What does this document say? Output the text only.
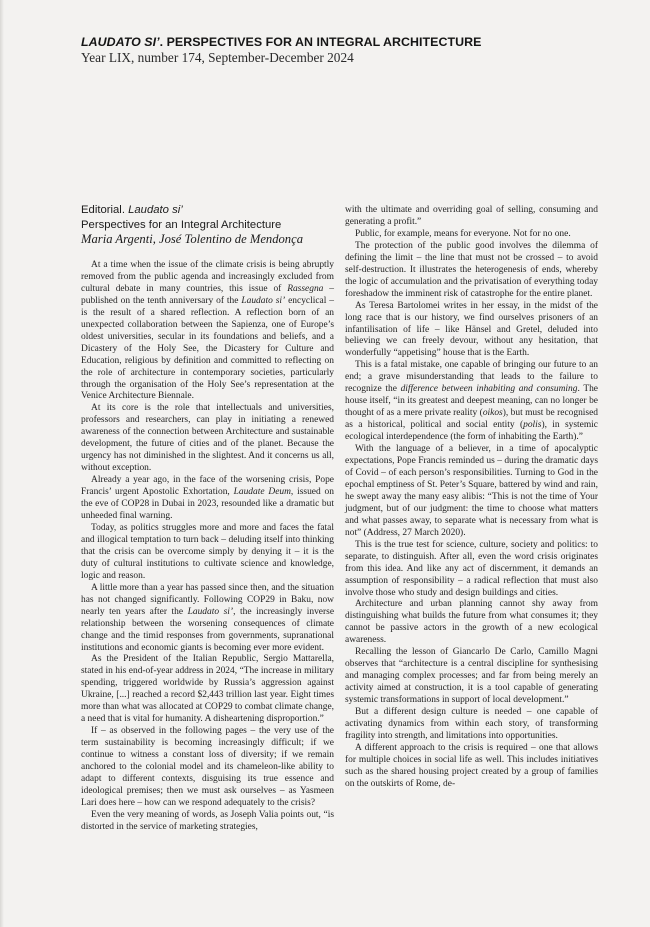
LAUDATO SI’. PERSPECTIVES FOR AN INTEGRAL ARCHITECTURE
Year LIX, number 174, September-December 2024
Editorial. Laudato si’
Perspectives for an Integral Architecture
Maria Argenti, José Tolentino de Mendonça

At a time when the issue of the climate crisis is being abruptly removed from the public agenda and increasingly excluded from cultural debate in many countries, this issue of Rassegna – published on the tenth anniversary of the Laudato si’ encyclical – is the result of a shared reflection. A reflection born of an unexpected collaboration between the Sapienza, one of Europe’s oldest universities, secular in its foundations and beliefs, and a Dicastery of the Holy See, the Dicastery for Culture and Education, religious by definition and committed to reflecting on the role of architecture in contemporary societies, particularly through the organisation of the Holy See’s representation at the Venice Architecture Biennale.

At its core is the role that intellectuals and universities, professors and researchers, can play in initiating a renewed awareness of the connection between Architecture and sustainable development, the future of cities and of the planet. Because the urgency has not diminished in the slightest. And it concerns us all, without exception.

Already a year ago, in the face of the worsening crisis, Pope Francis’ urgent Apostolic Exhortation, Laudate Deum, issued on the eve of COP28 in Dubai in 2023, resounded like a dramatic but unheeded final warning.

Today, as politics struggles more and more and faces the fatal and illogical temptation to turn back – deluding itself into thinking that the crisis can be overcome simply by denying it – it is the duty of cultural institutions to cultivate science and knowledge, logic and reason.

A little more than a year has passed since then, and the situation has not changed significantly. Following COP29 in Baku, now nearly ten years after the Laudato si’, the increasingly inverse relationship between the worsening consequences of climate change and the timid responses from governments, supranational institutions and economic giants is becoming ever more evident.

As the President of the Italian Republic, Sergio Mattarella, stated in his end-of-year address in 2024, “The increase in military spending, triggered worldwide by Russia’s aggression against Ukraine, [...] reached a record $2,443 trillion last year. Eight times more than what was allocated at COP29 to combat climate change, a need that is vital for humanity. A disheartening disproportion.”

If – as observed in the following pages – the very use of the term sustainability is becoming increasingly difficult; if we continue to witness a constant loss of diversity; if we remain anchored to the colonial model and its chameleon-like ability to adapt to different contexts, disguising its true essence and ideological premises; then we must ask ourselves – as Yasmeen Lari does here – how can we respond adequately to the crisis?

Even the very meaning of words, as Joseph Valia points out, “is distorted in the service of marketing strategies,

with the ultimate and overriding goal of selling, consuming and generating a profit.”

Public, for example, means for everyone. Not for no one.

The protection of the public good involves the dilemma of defining the limit – the line that must not be crossed – to avoid self-destruction. It illustrates the heterogenesis of ends, whereby the logic of accumulation and the privatisation of everything today foreshadow the imminent risk of catastrophe for the entire planet.

As Teresa Bartolomei writes in her essay, in the midst of the long race that is our history, we find ourselves prisoners of an infantilisation of life – like Hänsel and Gretel, deluded into believing we can freely devour, without any hesitation, that wonderfully “appetising” house that is the Earth.

This is a fatal mistake, one capable of bringing our future to an end; a grave misunderstanding that leads to the failure to recognize the difference between inhabiting and consuming. The house itself, “in its greatest and deepest meaning, can no longer be thought of as a mere private reality (oikos), but must be recognised as a historical, political and social entity (polis), in systemic ecological interdependence (the form of inhabiting the Earth).”

With the language of a believer, in a time of apocalyptic expectations, Pope Francis reminded us – during the dramatic days of Covid – of each person’s responsibilities. Turning to God in the epochal emptiness of St. Peter’s Square, battered by wind and rain, he swept away the many easy alibis: “This is not the time of Your judgment, but of our judgment: the time to choose what matters and what passes away, to separate what is necessary from what is not” (Address, 27 March 2020).

This is the true test for science, culture, society and politics: to separate, to distinguish. After all, even the word crisis originates from this idea. And like any act of discernment, it demands an assumption of responsibility – a radical reflection that must also involve those who study and design buildings and cities.

Architecture and urban planning cannot shy away from distinguishing what builds the future from what consumes it; they cannot be passive actors in the growth of a new ecological awareness.

Recalling the lesson of Giancarlo De Carlo, Camillo Magni observes that “architecture is a central discipline for synthesising and managing complex processes; and far from being merely an activity aimed at construction, it is a tool capable of generating systemic transformations in support of local development.”

But a different design culture is needed – one capable of activating dynamics from within each story, of transforming fragility into strength, and limitations into opportunities.

A different approach to the crisis is required – one that allows for multiple choices in social life as well. This includes initiatives such as the shared housing project created by a group of families on the outskirts of Rome, de-
